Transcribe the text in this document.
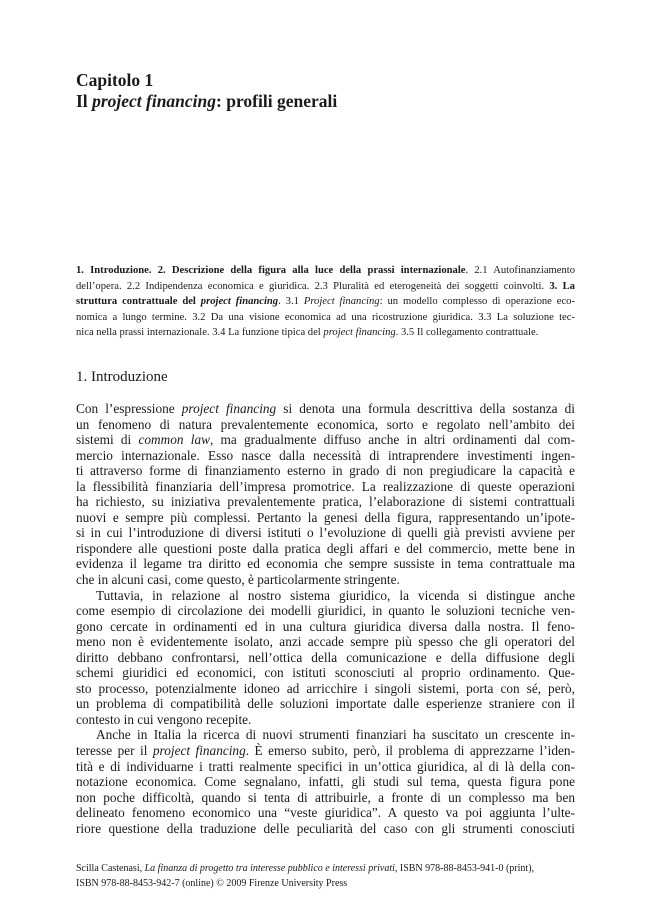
Capitolo 1
Il project financing: profili generali
1. Introduzione. 2. Descrizione della figura alla luce della prassi internazionale. 2.1 Autofinanziamento
dell’opera. 2.2 Indipendenza economica e giuridica. 2.3 Pluralità ed eterogeneità dei soggetti coinvolti. 3. La
struttura contrattuale del project financing. 3.1 Project financing: un modello complesso di operazione eco-
nomica a lungo termine. 3.2 Da una visione economica ad una ricostruzione giuridica. 3.3 La soluzione tec-
nica nella prassi internazionale. 3.4 La funzione tipica del project financing. 3.5 Il collegamento contrattuale.
1. Introduzione
Con l’espressione project financing si denota una formula descrittiva della sostanza di
un fenomeno di natura prevalentemente economica, sorto e regolato nell’ambito dei
sistemi di common law, ma gradualmente diffuso anche in altri ordinamenti dal com-
mercio internazionale. Esso nasce dalla necessità di intraprendere investimenti ingen-
ti attraverso forme di finanziamento esterno in grado di non pregiudicare la capacità e
la flessibilità finanziaria dell’impresa promotrice. La realizzazione di queste operazioni
ha richiesto, su iniziativa prevalentemente pratica, l’elaborazione di sistemi contrattuali
nuovi e sempre più complessi. Pertanto la genesi della figura, rappresentando un’ipote-
si in cui l’introduzione di diversi istituti o l’evoluzione di quelli già previsti avviene per
rispondere alle questioni poste dalla pratica degli affari e del commercio, mette bene in
evidenza il legame tra diritto ed economia che sempre sussiste in tema contrattuale ma
che in alcuni casi, come questo, è particolarmente stringente.
Tuttavia, in relazione al nostro sistema giuridico, la vicenda si distingue anche
come esempio di circolazione dei modelli giuridici, in quanto le soluzioni tecniche ven-
gono cercate in ordinamenti ed in una cultura giuridica diversa dalla nostra. Il feno-
meno non è evidentemente isolato, anzi accade sempre più spesso che gli operatori del
diritto debbano confrontarsi, nell’ottica della comunicazione e della diffusione degli
schemi giuridici ed economici, con istituti sconosciuti al proprio ordinamento. Que-
sto processo, potenzialmente idoneo ad arricchire i singoli sistemi, porta con sé, però,
un problema di compatibilità delle soluzioni importate dalle esperienze straniere con il
contesto in cui vengono recepite.
Anche in Italia la ricerca di nuovi strumenti finanziari ha suscitato un crescente in-
teresse per il project financing. È emerso subito, però, il problema di apprezzarne l’iden-
tità e di individuarne i tratti realmente specifici in un’ottica giuridica, al di là della con-
notazione economica. Come segnalano, infatti, gli studi sul tema, questa figura pone
non poche difficoltà, quando si tenta di attribuirle, a fronte di un complesso ma ben
delineato fenomeno economico una “veste giuridica”. A questo va poi aggiunta l’ulte-
riore questione della traduzione delle peculiarità del caso con gli strumenti conosciuti
Scilla Castenasi, La finanza di progetto tra interesse pubblico e interessi privati, ISBN 978-88-8453-941-0 (print),
ISBN 978-88-8453-942-7 (online) © 2009 Firenze University Press
